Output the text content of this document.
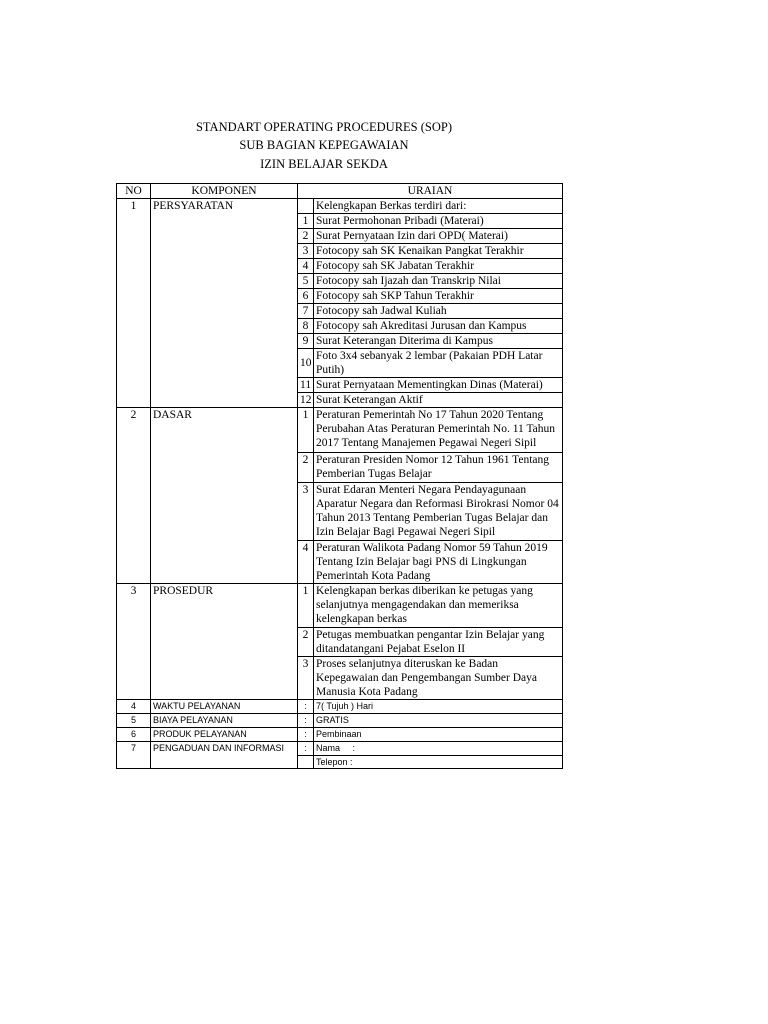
STANDART OPERATING PROCEDURES (SOP)
SUB BAGIAN KEPEGAWAIAN
IZIN BELAJAR SEKDA
NO	KOMPONEN	URAIAN	
1	PERSYARATAN		Kelengkapan Berkas terdiri dari:
		1	Surat Permohonan Pribadi (Materai)
		2	Surat Pernyataan Izin dari OPD( Materai)
		3	Fotocopy sah SK Kenaikan Pangkat Terakhir
		4	Fotocopy sah SK Jabatan Terakhir
		5	Fotocopy sah Ijazah dan Transkrip Nilai
		6	Fotocopy sah SKP Tahun Terakhir
		7	Fotocopy sah Jadwal Kuliah
		8	Fotocopy sah Akreditasi Jurusan dan Kampus
		9	Surat Keterangan Diterima di Kampus
		10	Foto 3x4 sebanyak 2 lembar (Pakaian PDH Latar Putih)
		11	Surat Pernyataan Mementingkan Dinas (Materai)
		12	Surat Keterangan Aktif
2	DASAR	1	Peraturan Pemerintah No 17 Tahun 2020 Tentang Perubahan Atas Peraturan Pemerintah No. 11 Tahun 2017 Tentang Manajemen Pegawai Negeri Sipil
		2	Peraturan Presiden Nomor 12 Tahun 1961 Tentang Pemberian Tugas Belajar
		3	Surat Edaran Menteri Negara Pendayagunaan Aparatur Negara dan Reformasi Birokrasi Nomor 04 Tahun 2013 Tentang Pemberian Tugas Belajar dan Izin Belajar Bagi Pegawai Negeri Sipil
		4	Peraturan Walikota Padang Nomor 59 Tahun 2019 Tentang Izin Belajar bagi PNS di Lingkungan Pemerintah Kota Padang
3	PROSEDUR	1	Kelengkapan berkas diberikan ke petugas yang selanjutnya mengagendakan dan memeriksa kelengkapan berkas
		2	Petugas membuatkan pengantar Izin Belajar yang ditandatangani Pejabat Eselon II
		3	Proses selanjutnya diteruskan ke Badan Kepegawaian dan Pengembangan Sumber Daya Manusia Kota Padang
4	WAKTU PELAYANAN	:	7( Tujuh ) Hari
5	BIAYA PELAYANAN	:	GRATIS
6	PRODUK PELAYANAN	:	Pembinaan
7	PENGADUAN DAN INFORMASI	:	Nama     :
			Telepon :
